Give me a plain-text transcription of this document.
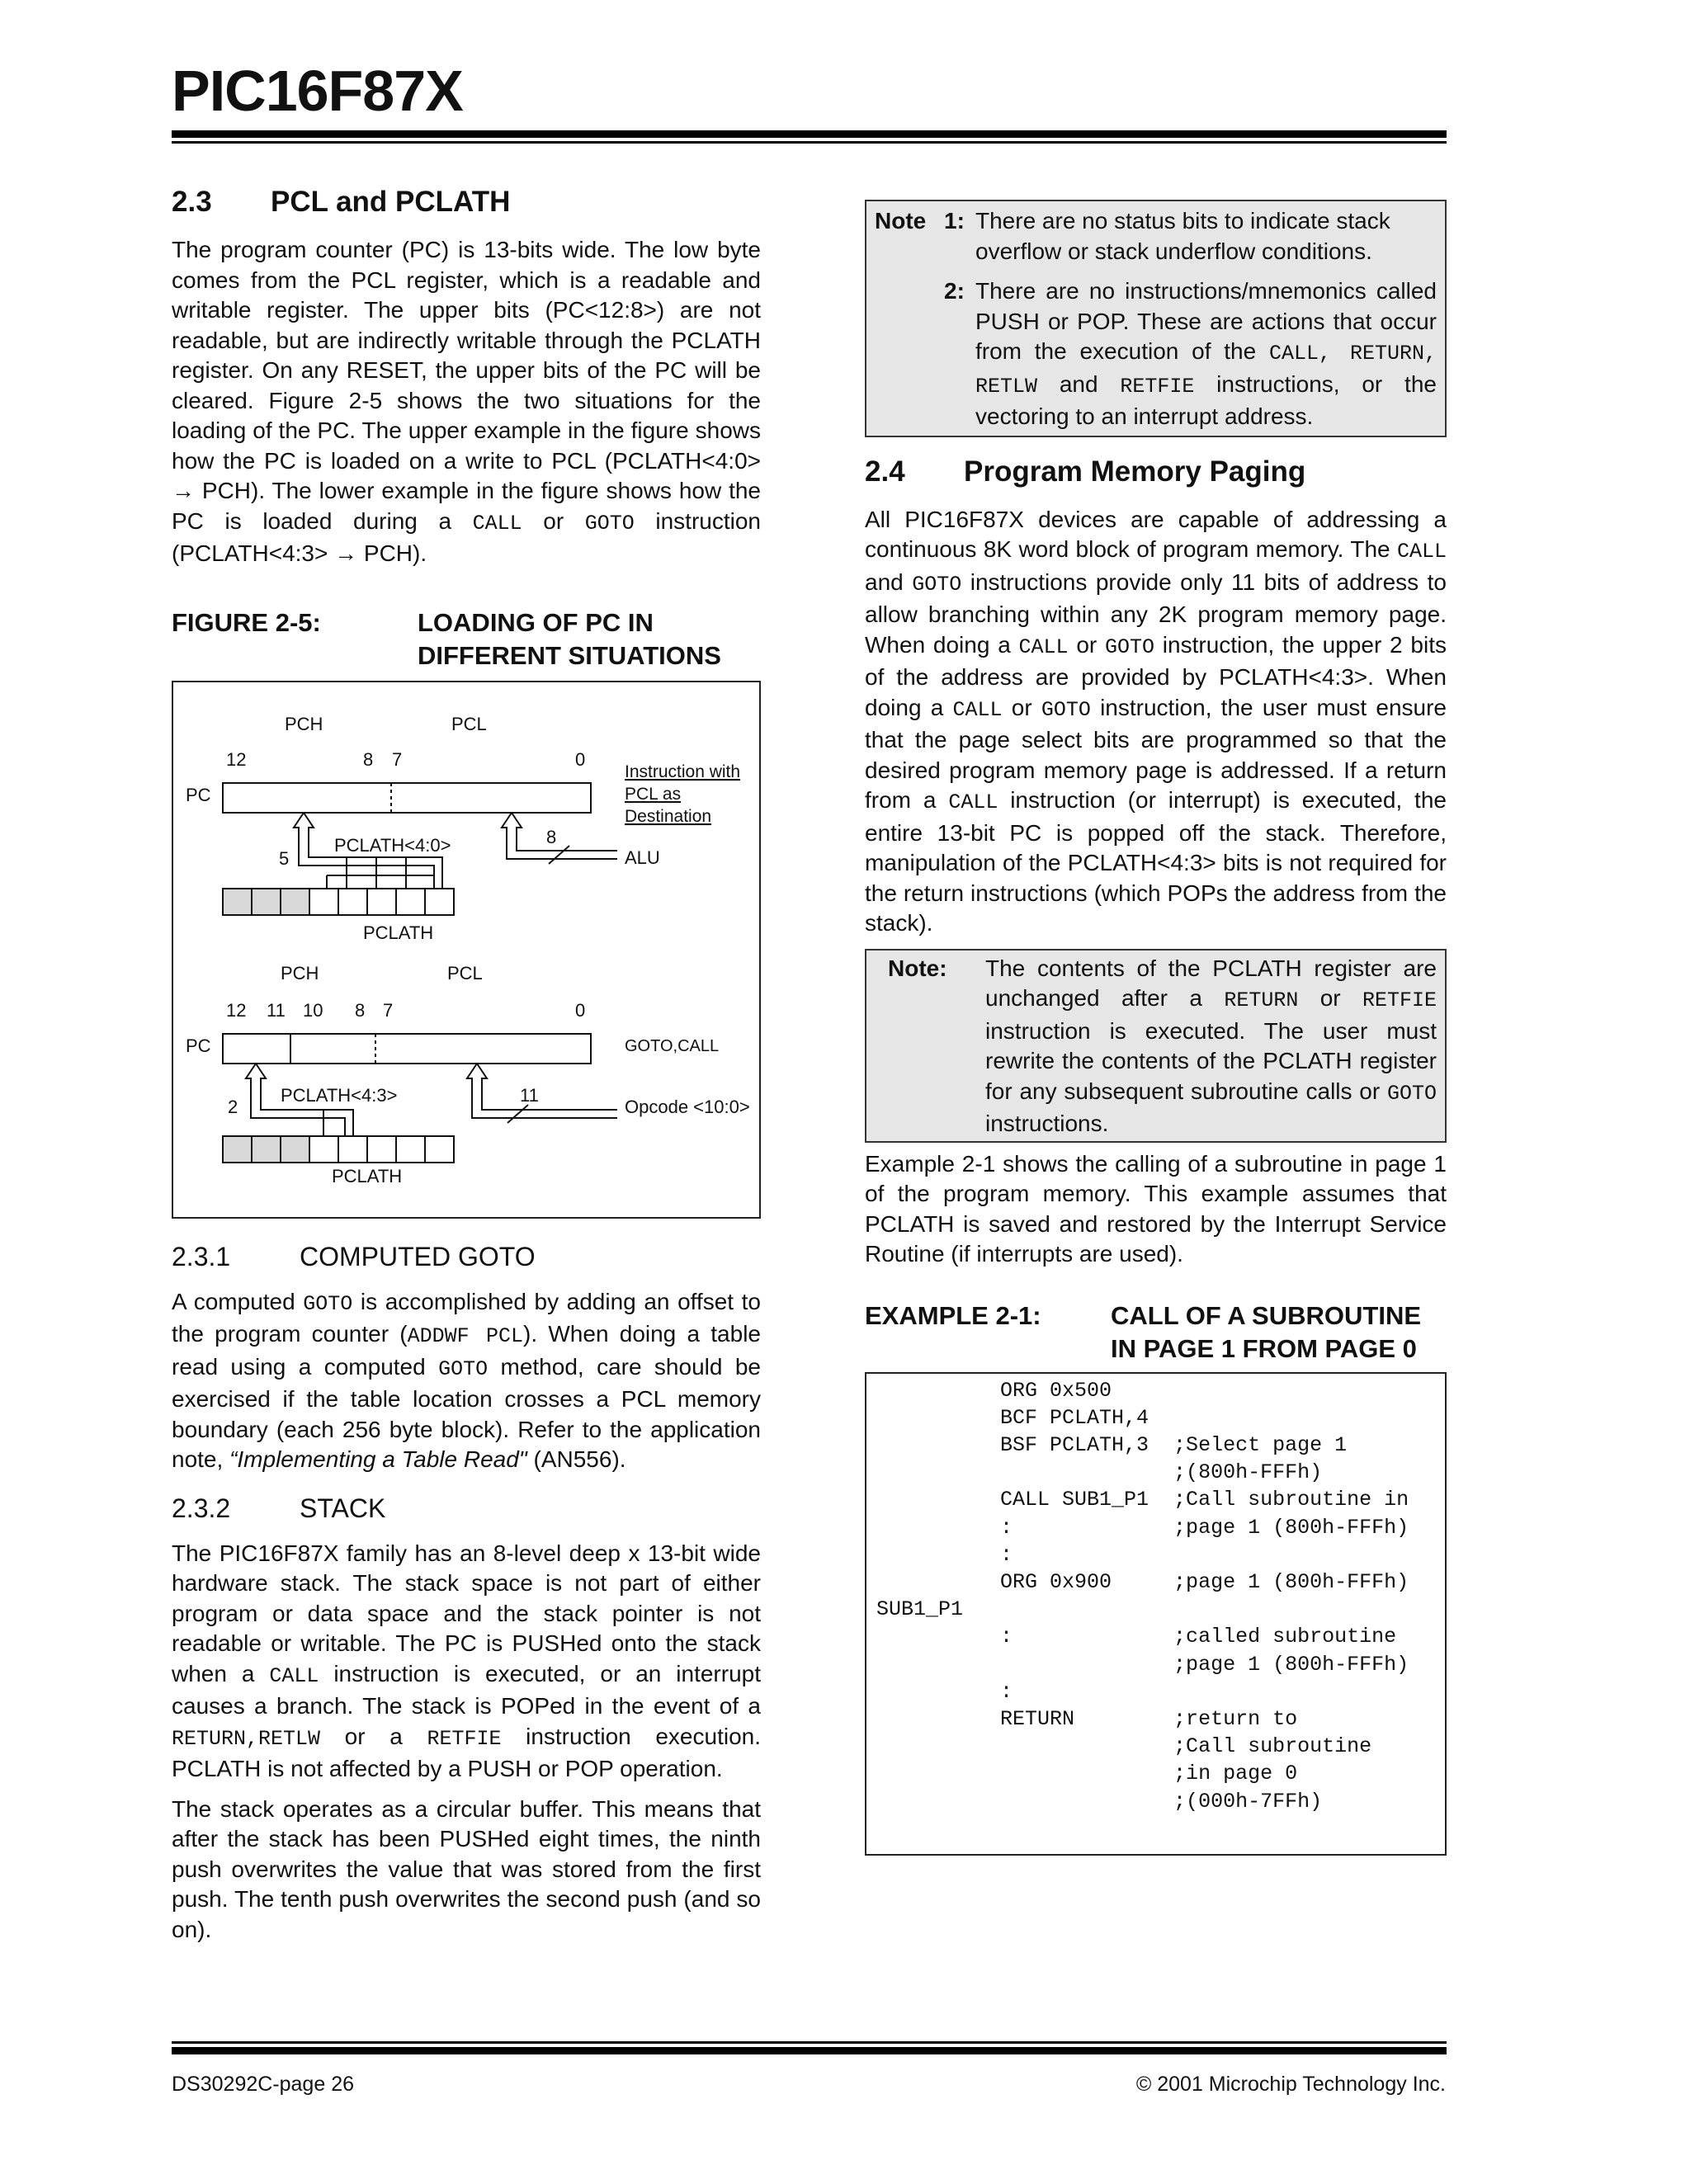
PIC16F87X
2.3 PCL and PCLATH

The program counter (PC) is 13-bits wide. The low byte comes from the PCL register, which is a readable and writable register. The upper bits (PC<12:8>) are not readable, but are indirectly writable through the PCLATH register. On any RESET, the upper bits of the PC will be cleared. Figure 2-5 shows the two situations for the loading of the PC. The upper example in the figure shows how the PC is loaded on a write to PCL (PCLATH<4:0> → PCH). The lower example in the figure shows how the PC is loaded during a CALL or GOTO instruction (PCLATH<4:3> → PCH).

FIGURE 2-5:	LOADING OF PC IN DIFFERENT SITUATIONS
PCH	PCL
12	8 7	0
PC
PCLATH<4:0>
5
8
Instruction with
PCL as
Destination
ALU
PCLATH
PCH	PCL
12 11 10 8 7	0
PC
PCLATH<4:3>
2
11
GOTO,CALL
Opcode <10:0>
PCLATH
2.3.1	COMPUTED GOTO

A computed GOTO is accomplished by adding an offset to the program counter (ADDWF PCL). When doing a table read using a computed GOTO method, care should be exercised if the table location crosses a PCL memory boundary (each 256 byte block). Refer to the application note, “Implementing a Table Read" (AN556).

2.3.2	STACK

The PIC16F87X family has an 8-level deep x 13-bit wide hardware stack. The stack space is not part of either program or data space and the stack pointer is not readable or writable. The PC is PUSHed onto the stack when a CALL instruction is executed, or an interrupt causes a branch. The stack is POPed in the event of a RETURN,RETLW or a RETFIE instruction execution. PCLATH is not affected by a PUSH or POP operation.

The stack operates as a circular buffer. This means that after the stack has been PUSHed eight times, the ninth push overwrites the value that was stored from the first push. The tenth push overwrites the second push (and so on).

Note 1: There are no status bits to indicate stack overflow or stack underflow conditions.
2: There are no instructions/mnemonics called PUSH or POP. These are actions that occur from the execution of the CALL, RETURN, RETLW and RETFIE instructions, or the vectoring to an interrupt address.
2.4 Program Memory Paging

All PIC16F87X devices are capable of addressing a continuous 8K word block of program memory. The CALL and GOTO instructions provide only 11 bits of address to allow branching within any 2K program memory page. When doing a CALL or GOTO instruction, the upper 2 bits of the address are provided by PCLATH<4:3>. When doing a CALL or GOTO instruction, the user must ensure that the page select bits are programmed so that the desired program memory page is addressed. If a return from a CALL instruction (or interrupt) is executed, the entire 13-bit PC is popped off the stack. Therefore, manipulation of the PCLATH<4:3> bits is not required for the return instructions (which POPs the address from the stack).

Note:	The contents of the PCLATH register are unchanged after a RETURN or RETFIE instruction is executed. The user must rewrite the contents of the PCLATH register for any subsequent subroutine calls or GOTO instructions.

Example 2-1 shows the calling of a subroutine in page 1 of the program memory. This example assumes that PCLATH is saved and restored by the Interrupt Service Routine (if interrupts are used).

EXAMPLE 2-1:	CALL OF A SUBROUTINE
IN PAGE 1 FROM PAGE 0
ORG 0x500
BCF PCLATH,4
BSF PCLATH,3  ;Select page 1
;(800h-FFFh)
CALL SUB1_P1  ;Call subroutine in
:             ;page 1 (800h-FFFh)
:
ORG 0x900     ;page 1 (800h-FFFh)
SUB1_P1
:             ;called subroutine
;page 1 (800h-FFFh)
:
RETURN        ;return to
;Call subroutine
;in page 0
;(000h-7FFh)
DS30292C-page 26	© 2001 Microchip Technology Inc.
